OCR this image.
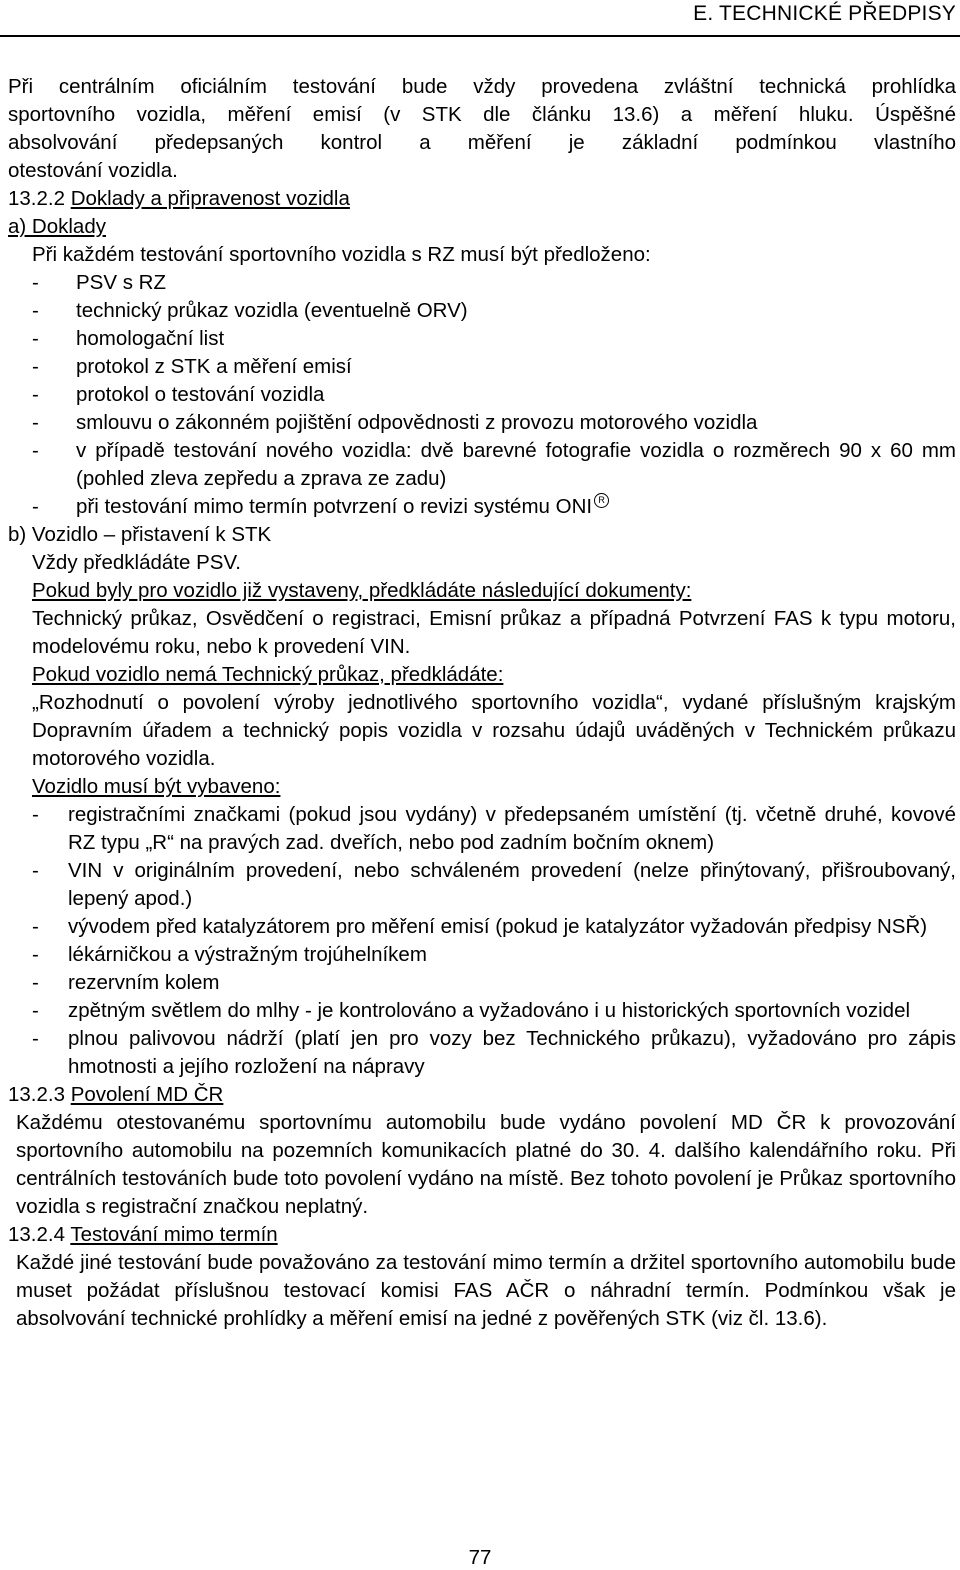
E. TECHNICKÉ PŘEDPISY

Při centrálním oficiálním testování bude vždy provedena zvláštní technická prohlídka

sportovního vozidla, měření emisí (v STK dle článku 13.6) a měření hluku. Úspěšné

absolvování předepsaných kontrol a měření je základní podmínkou vlastního

otestování vozidla.

13.2.2 Doklady a připravenost vozidla

a) Doklady

Při každém testování sportovního vozidla s RZ musí být předloženo:

-	PSV s RZ
-	technický průkaz vozidla (eventuelně ORV)
-	homologační list
-	protokol z STK a měření emisí
-	protokol o testování vozidla
-	smlouvu o zákonném pojištění odpovědnosti z provozu motorového vozidla
-	v případě testování nového vozidla: dvě barevné fotografie vozidla o rozměrech 90 x 60 mm (pohled zleva zepředu a zprava ze zadu)
-	při testování mimo termín potvrzení o revizi systému ONI R

b) Vozidlo – přistavení k STK

Vždy předkládáte PSV.

Pokud byly pro vozidlo již vystaveny, předkládáte následující dokumenty:

Technický průkaz, Osvědčení o registraci, Emisní průkaz a případná Potvrzení FAS k typu motoru, modelovému roku, nebo k provedení VIN.

Pokud vozidlo nemá Technický průkaz, předkládáte:

„Rozhodnutí o povolení výroby jednotlivého sportovního vozidla“, vydané příslušným krajským Dopravním úřadem a technický popis vozidla v rozsahu údajů uváděných v Technickém průkazu motorového vozidla.

Vozidlo musí být vybaveno:

-	registračními značkami (pokud jsou vydány) v předepsaném umístění (tj. včetně druhé, kovové RZ typu „R“ na pravých zad. dveřích, nebo pod zadním bočním oknem)
-	VIN v originálním provedení, nebo schváleném provedení (nelze přinýtovaný, přišroubovaný, lepený apod.)
-	vývodem před katalyzátorem pro měření emisí (pokud je katalyzátor vyžadován předpisy NSŘ)
-	lékárničkou a výstražným trojúhelníkem
-	rezervním kolem
-	zpětným světlem do mlhy - je kontrolováno a vyžadováno i u historických sportovních vozidel
-	plnou palivovou nádrží (platí jen pro vozy bez Technického průkazu), vyžadováno pro zápis hmotnosti a jejího rozložení na nápravy

13.2.3 Povolení MD ČR

Každému otestovanému sportovnímu automobilu bude vydáno povolení MD ČR k provozování sportovního automobilu na pozemních komunikacích platné do 30. 4. dalšího kalendářního roku. Při centrálních testováních bude toto povolení vydáno na místě. Bez tohoto povolení je Průkaz sportovního vozidla s registrační značkou neplatný.

13.2.4 Testování mimo termín

Každé jiné testování bude považováno za testování mimo termín a držitel sportovního automobilu bude muset požádat příslušnou testovací komisi FAS AČR o náhradní termín. Podmínkou však je absolvování technické prohlídky a měření emisí na jedné z pověřených STK (viz čl. 13.6).

77
